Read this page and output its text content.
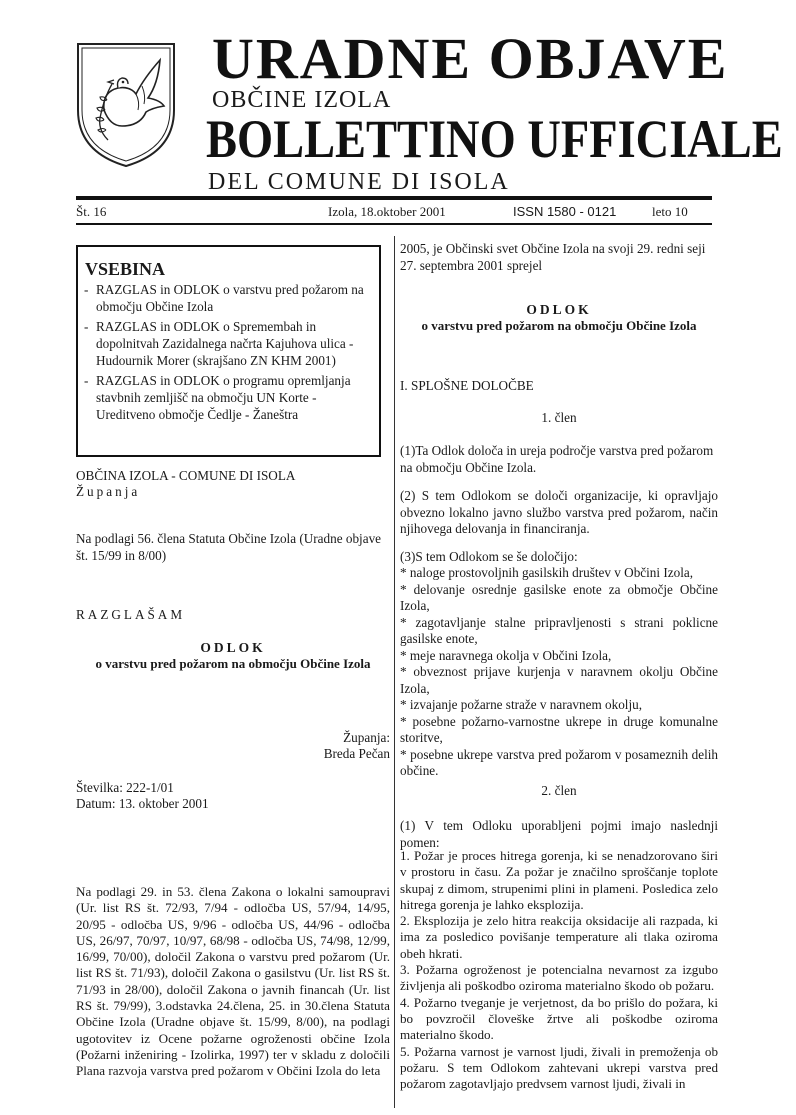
URADNE OBJAVE
OBČINE IZOLA
BOLLETTINO UFFICIALE
DEL COMUNE DI ISOLA
Št. 16	Izola, 18.oktober 2001	ISSN 1580 - 0121	leto 10
VSEBINA
- RAZGLAS in ODLOK o varstvu pred požarom na območju Občine Izola
- RAZGLAS in ODLOK o Spremembah in dopolnitvah Zazidalnega načrta Kajuhova ulica - Hudournik Morer (skrajšano ZN KHM 2001)
- RAZGLAS in ODLOK o programu opremljanja stavbnih zemljišč na območju UN Korte - Ureditveno območje Čedlje - Žaneštra

OBČINA IZOLA - COMUNE DI ISOLA

Županja

Na podlagi 56. člena Statuta Občine Izola (Uradne objave št. 15/99 in 8/00)

RAZGLAŠAM

ODLOK

o varstvu pred požarom na območju Občine Izola

Županja:

Breda Pečan

Številka: 222-1/01

Datum: 13. oktober 2001

Na podlagi 29. in 53. člena Zakona o lokalni samoupravi (Ur. list RS št. 72/93, 7/94 - odločba US, 57/94, 14/95, 20/95 - odločba US, 9/96 - odločba US, 44/96 - odločba US, 26/97, 70/97, 10/97, 68/98 - odločba US, 74/98, 12/99, 16/99, 70/00), določil Zakona o varstvu pred požarom (Ur. list RS št. 71/93), določil Zakona o gasilstvu (Ur. list RS št. 71/93 in 28/00), določil Zakona o javnih financah (Ur. list RS št. 79/99), 3.odstavka 24.člena, 25. in 30.člena Statuta Občine Izola (Uradne objave št. 15/99, 8/00), na podlagi ugotovitev iz Ocene požarne ogroženosti občine Izola (Požarni inženiring - Izolirka, 1997) ter v skladu z določili Plana razvoja varstva pred požarom v Občini Izola do leta

2005, je Občinski svet Občine Izola na svoji 29. redni seji 27. septembra 2001 sprejel

ODLOK

o varstvu pred požarom na območju Občine Izola

I. SPLOŠNE DOLOČBE

1. člen

(1)Ta Odlok določa in ureja področje varstva pred požarom na območju Občine Izola.

(2) S tem Odlokom se določi organizacije, ki opravljajo obvezno lokalno javno službo varstva pred požarom, način njihovega delovanja in financiranja.

(3)S tem Odlokom se še določijo:

* naloge prostovoljnih gasilskih društev v Občini Izola,

* delovanje osrednje gasilske enote za območje Občine Izola,

* zagotavljanje stalne pripravljenosti s strani poklicne gasilske enote,

* meje naravnega okolja v Občini Izola,

* obveznost prijave kurjenja v naravnem okolju Občine Izola,

* izvajanje požarne straže v naravnem okolju,

* posebne požarno-varnostne ukrepe in druge komunalne storitve,

* posebne ukrepe varstva pred požarom v posameznih delih občine.

2. člen

(1) V tem Odloku uporabljeni pojmi imajo naslednji pomen:

1. Požar je proces hitrega gorenja, ki se nenadzorovano širi v prostoru in času. Za požar je značilno sproščanje toplote skupaj z dimom, strupenimi plini in plameni. Posledica zelo hitrega gorenja je lahko eksplozija.

2. Eksplozija je zelo hitra reakcija oksidacije ali razpada, ki ima za posledico povišanje temperature ali tlaka oziroma obeh hkrati.

3. Požarna ogroženost je potencialna nevarnost za izgubo življenja ali poškodbo oziroma materialno škodo ob požaru.

4. Požarno tveganje je verjetnost, da bo prišlo do požara, ki bo povzročil človeške žrtve ali poškodbe oziroma materialno škodo.

5. Požarna varnost je varnost ljudi, živali in premoženja ob požaru. S tem Odlokom zahtevani ukrepi varstva pred požarom zagotavljajo predvsem varnost ljudi, živali in
